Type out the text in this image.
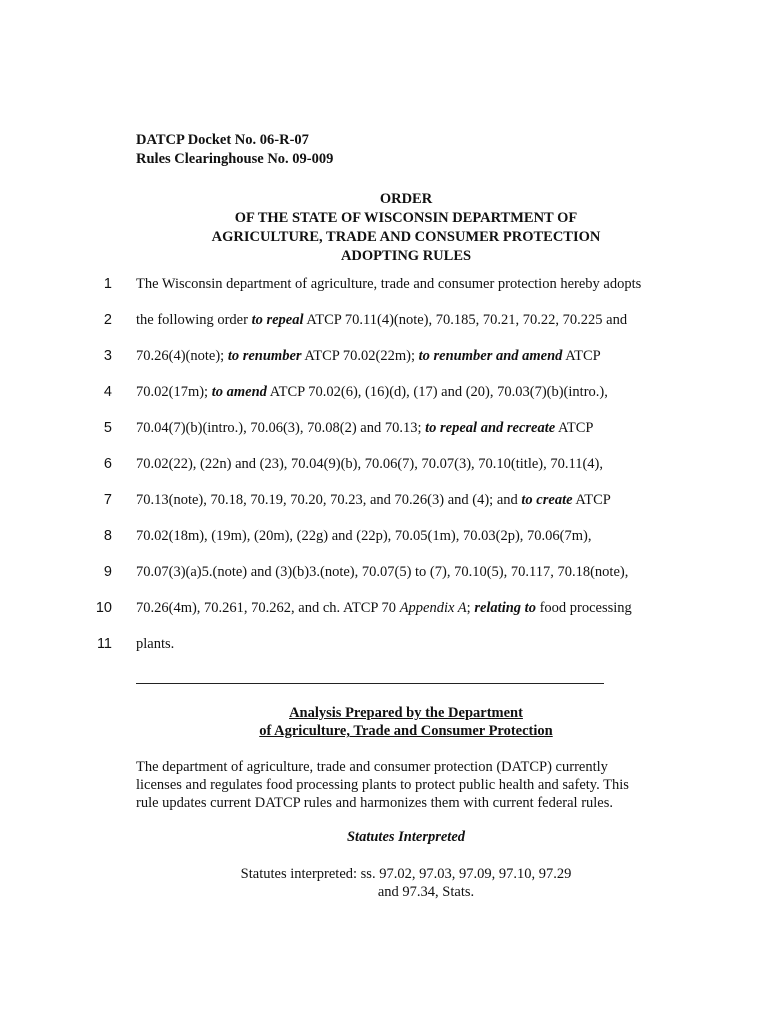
DATCP Docket No. 06-R-07
Rules Clearinghouse No. 09-009
ORDER
OF THE STATE OF WISCONSIN DEPARTMENT OF
AGRICULTURE, TRADE AND CONSUMER PROTECTION
ADOPTING RULES
1 The Wisconsin department of agriculture, trade and consumer protection hereby adopts
2 the following order to repeal ATCP 70.11(4)(note), 70.185, 70.21, 70.22, 70.225 and
3 70.26(4)(note); to renumber ATCP 70.02(22m); to renumber and amend ATCP
4 70.02(17m); to amend ATCP 70.02(6), (16)(d), (17) and (20), 70.03(7)(b)(intro.),
5 70.04(7)(b)(intro.), 70.06(3), 70.08(2) and 70.13; to repeal and recreate ATCP
6 70.02(22), (22n) and (23), 70.04(9)(b), 70.06(7), 70.07(3), 70.10(title), 70.11(4),
7 70.13(note), 70.18, 70.19, 70.20, 70.23, and 70.26(3) and (4); and to create ATCP
8 70.02(18m), (19m), (20m), (22g) and (22p), 70.05(1m), 70.03(2p), 70.06(7m),
9 70.07(3)(a)5.(note) and (3)(b)3.(note), 70.07(5) to (7), 70.10(5), 70.117, 70.18(note),
10 70.26(4m), 70.261, 70.262, and ch. ATCP 70 Appendix A; relating to food processing
11 plants.
Analysis Prepared by the Department
of Agriculture, Trade and Consumer Protection
The department of agriculture, trade and consumer protection (DATCP) currently
licenses and regulates food processing plants to protect public health and safety. This
rule updates current DATCP rules and harmonizes them with current federal rules.
Statutes Interpreted
Statutes interpreted: ss. 97.02, 97.03, 97.09, 97.10, 97.29
and 97.34, Stats.
